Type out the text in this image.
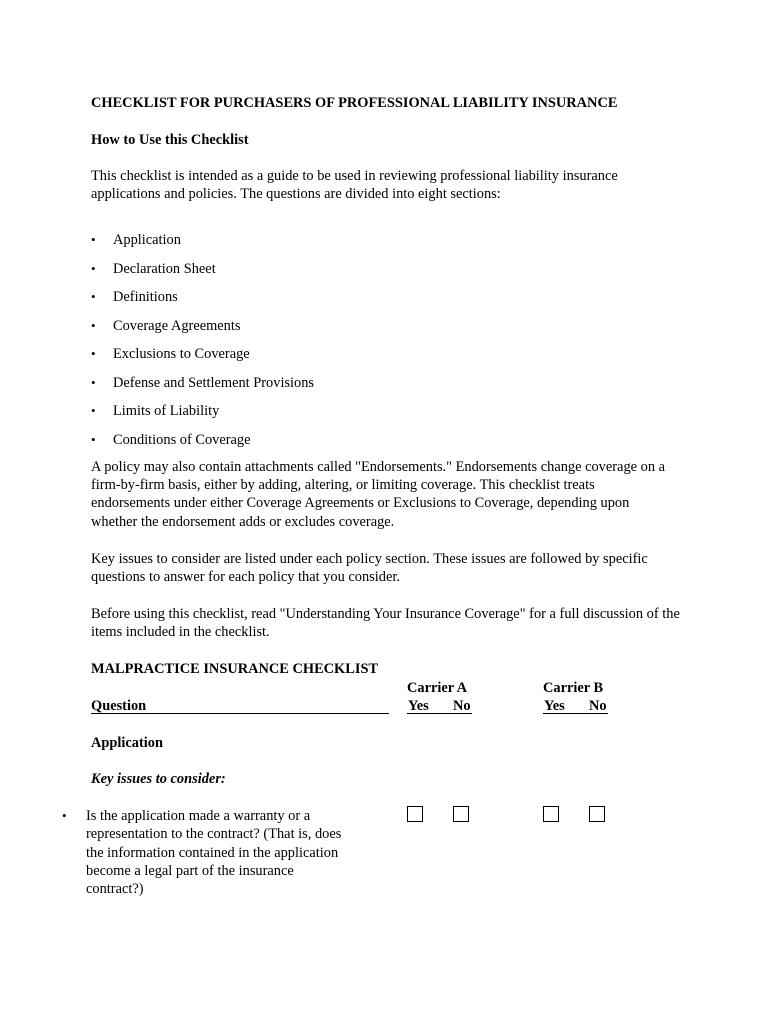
CHECKLIST FOR PURCHASERS OF PROFESSIONAL LIABILITY INSURANCE
How to Use this Checklist
This checklist is intended as a guide to be used in reviewing professional liability insurance applications and policies. The questions are divided into eight sections:
• Application
• Declaration Sheet
• Definitions
• Coverage Agreements
• Exclusions to Coverage
• Defense and Settlement Provisions
• Limits of Liability
• Conditions of Coverage
A policy may also contain attachments called "Endorsements." Endorsements change coverage on a firm-by-firm basis, either by adding, altering, or limiting coverage. This checklist treats endorsements under either Coverage Agreements or Exclusions to Coverage, depending upon whether the endorsement adds or excludes coverage.
Key issues to consider are listed under each policy section. These issues are followed by specific questions to answer for each policy that you consider.
Before using this checklist, read "Understanding Your Insurance Coverage" for a full discussion of the items included in the checklist.
MALPRACTICE INSURANCE CHECKLIST
Carrier A	Carrier B
Question	Yes No	Yes No
Application
Key issues to consider:
• Is the application made a warranty or a representation to the contract? (That is, does the information contained in the application become a legal part of the insurance contract?)
